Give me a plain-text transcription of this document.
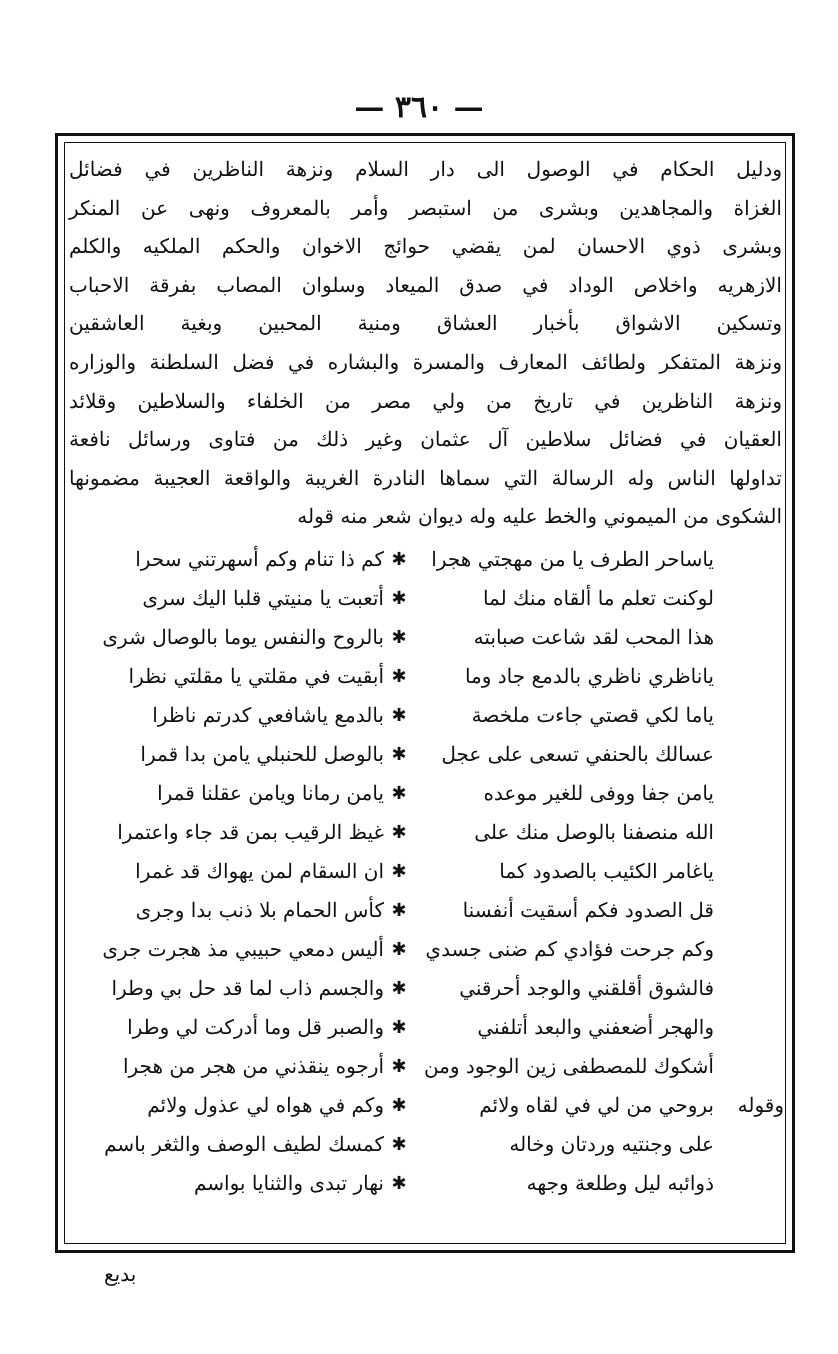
— ٣٦٠ —
ودليل الحكام في الوصول الى دار السلام ونزهة الناظرين في فضائل
الغزاة والمجاهدين وبشرى من استبصر وأمر بالمعروف ونهى عن المنكر
وبشرى ذوي الاحسان لمن يقضي حوائج الاخوان والحكم الملكيه والكلم
الازهريه واخلاص الوداد في صدق الميعاد وسلوان المصاب بفرقة الاحباب
وتسكين الاشواق بأخبار العشاق ومنية المحبين وبغية العاشقين
ونزهة المتفكر ولطائف المعارف والمسرة والبشاره في فضل السلطنة والوزاره
ونزهة الناظرين في تاريخ من ولي مصر من الخلفاء والسلاطين وقلائد
العقيان في فضائل سلاطين آل عثمان وغير ذلك من فتاوى ورسائل نافعة
تداولها الناس وله الرسالة التي سماها النادرة الغريبة والواقعة العجيبة مضمونها
الشكوى من الميموني والخط عليه وله ديوان شعر منه قوله
ياساحر الطرف يا من مهجتي هجرا
✱
كم ذا تنام وكم أسهرتني سحرا
لوكنت تعلم ما ألقاه منك لما
✱
أتعبت يا منيتي قلبا اليك سرى
هذا المحب لقد شاعت صبابته
✱
بالروح والنفس يوما بالوصال شرى
ياناظري ناظري بالدمع جاد وما
✱
أبقيت في مقلتي يا مقلتي نظرا
ياما لكي قصتي جاءت ملخصة
✱
بالدمع ياشافعي كدرتم ناظرا
عسالك بالحنفي تسعى على عجل
✱
بالوصل للحنبلي يامن بدا قمرا
يامن جفا ووفى للغير موعده
✱
يامن رمانا ويامن عقلنا قمرا
الله منصفنا بالوصل منك على
✱
غيظ الرقيب بمن قد جاء واعتمرا
ياغامر الكئيب بالصدود كما
✱
ان السقام لمن يهواك قد غمرا
قل الصدود فكم أسقيت أنفسنا
✱
كأس الحمام بلا ذنب بدا وجرى
وكم جرحت فؤادي كم ضنى جسدي
✱
أليس دمعي حبيبي مذ هجرت جرى
فالشوق أقلقني والوجد أحرقني
✱
والجسم ذاب لما قد حل بي وطرا
والهجر أضعفني والبعد أتلفني
✱
والصبر قل وما أدركت لي وطرا
أشكوك للمصطفى زين الوجود ومن
✱
أرجوه ينقذني من هجر من هجرا
وقوله
بروحي من لي في لقاه ولائم
✱
وكم في هواه لي عذول ولائم
على وجنتيه وردتان وخاله
✱
كمسك لطيف الوصف والثغر باسم
ذوائبه ليل وطلعة وجهه
✱
نهار تبدى والثنايا بواسم
بديع
